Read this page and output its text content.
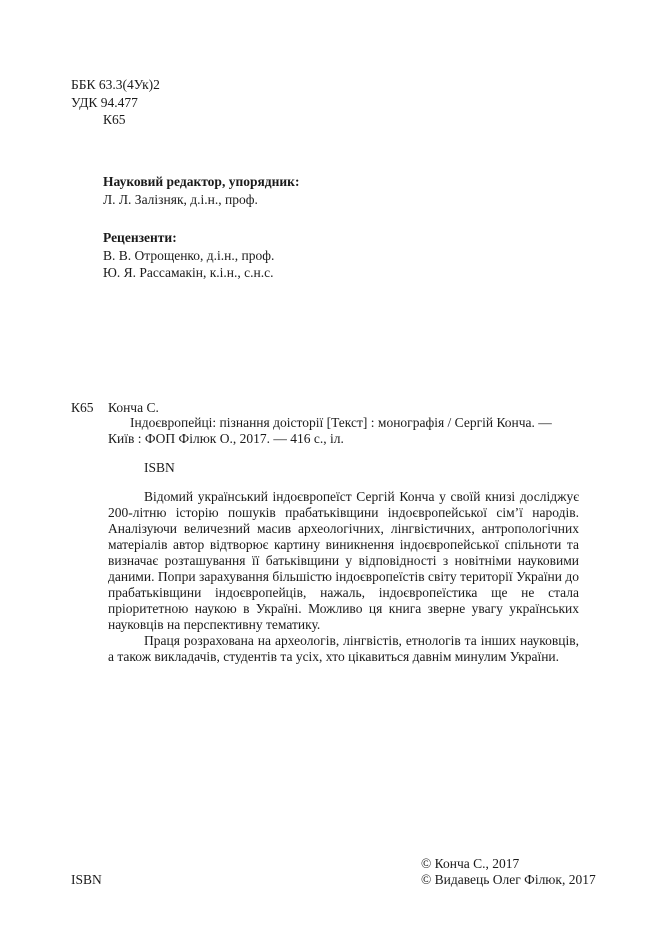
ББК 63.3(4Ук)2
УДК 94.477
К65
Науковий редактор, упорядник:
Л. Л. Залізняк, д.і.н., проф.
Рецензенти:
В. В. Отрощенко, д.і.н., проф.
Ю. Я. Рассамакін, к.і.н., с.н.с.
К65 Конча С.
Індоєвропейці: пізнання доісторії [Текст] : монографія / Сергій Конча. —
Київ : ФОП Філюк О., 2017. — 416 с., іл.
ISBN

Відомий український індоєвропеїст Сергій Конча у своїй книзі досліджує 200-літню історію пошуків прабатьківщини індоєвропейської сім’ї народів. Аналізуючи величезний масив археологічних, лінгвістичних, антропологічних матеріалів автор відтворює картину виникнення індоєвропейської спільноти та визначає розташування її батьківщини у відповідності з новітніми науковими даними. Попри зарахування більшістю індоєвропеїстів світу території України до прабатьківщини індоєвропейців, нажаль, індоєвропеїстика ще не стала пріоритетною наукою в Україні. Можливо ця книга зверне увагу українських науковців на перспективну тематику.

Праця розрахована на археологів, лінгвістів, етнологів та інших науковців, а також викладачів, студентів та усіх, хто цікавиться давнім минулим України.

ISBN
© Конча С., 2017
© Видавець Олег Філюк, 2017
